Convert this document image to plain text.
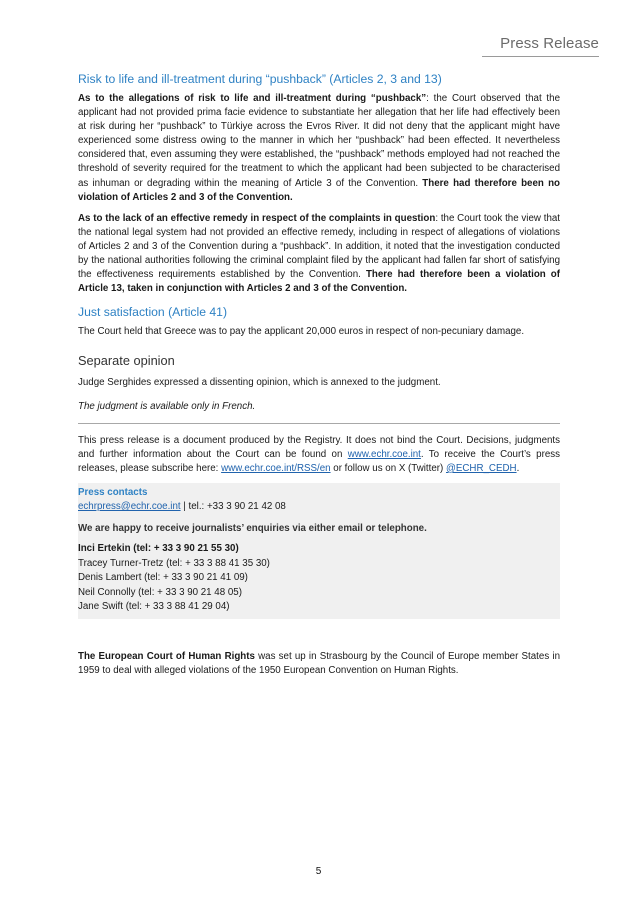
Press Release
Risk to life and ill-treatment during “pushback” (Articles 2, 3 and 13)

As to the allegations of risk to life and ill-treatment during “pushback”: the Court observed that the applicant had not provided prima facie evidence to substantiate her allegation that her life had effectively been at risk during her “pushback” to Türkiye across the Evros River. It did not deny that the applicant might have experienced some distress owing to the manner in which her “pushback” had been effected. It nevertheless considered that, even assuming they were established, the “pushback” methods employed had not reached the threshold of severity required for the treatment to which the applicant had been subjected to be characterised as inhuman or degrading within the meaning of Article 3 of the Convention. There had therefore been no violation of Articles 2 and 3 of the Convention.

As to the lack of an effective remedy in respect of the complaints in question: the Court took the view that the national legal system had not provided an effective remedy, including in respect of allegations of violations of Articles 2 and 3 of the Convention during a “pushback”. In addition, it noted that the investigation conducted by the national authorities following the criminal complaint filed by the applicant had fallen far short of satisfying the effectiveness requirements established by the Convention. There had therefore been a violation of Article 13, taken in conjunction with Articles 2 and 3 of the Convention.

Just satisfaction (Article 41)

The Court held that Greece was to pay the applicant 20,000 euros in respect of non-pecuniary damage.

Separate opinion

Judge Serghides expressed a dissenting opinion, which is annexed to the judgment.

The judgment is available only in French.

This press release is a document produced by the Registry. It does not bind the Court. Decisions, judgments and further information about the Court can be found on www.echr.coe.int. To receive the Court’s press releases, please subscribe here: www.echr.coe.int/RSS/en or follow us on X (Twitter) @ECHR_CEDH.

Press contacts
echrpress@echr.coe.int | tel.: +33 3 90 21 42 08
We are happy to receive journalists’ enquiries via either email or telephone.
Inci Ertekin (tel: + 33 3 90 21 55 30)
Tracey Turner-Tretz (tel: + 33 3 88 41 35 30)
Denis Lambert (tel: + 33 3 90 21 41 09)
Neil Connolly (tel: + 33 3 90 21 48 05)
Jane Swift (tel: + 33 3 88 41 29 04)

The European Court of Human Rights was set up in Strasbourg by the Council of Europe member States in 1959 to deal with alleged violations of the 1950 European Convention on Human Rights.

5
